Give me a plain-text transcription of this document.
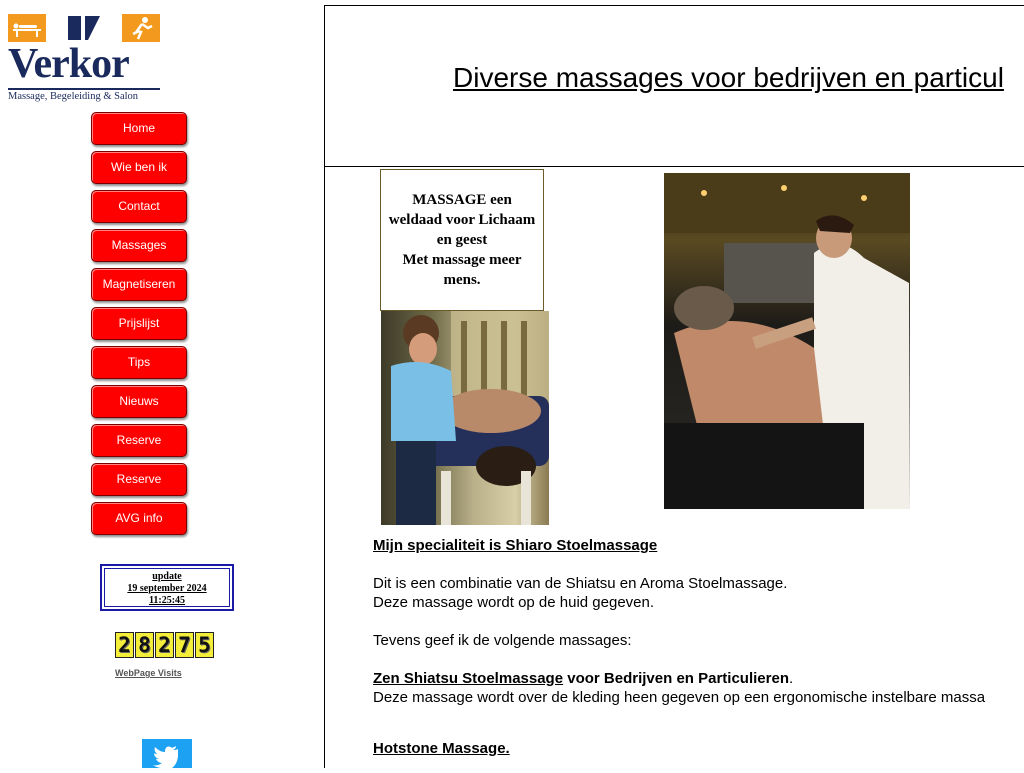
Verkor
Massage, Begeleiding & Salon
Home
Wie ben ik
Contact
Massages
Magnetiseren
Prijslijst
Tips
Nieuws
Reserve
Reserve
AVG info
update
19 september 2024
11:25:45
2 8 2 7 5
WebPage Visits
Diverse massages voor bedrijven en particul
MASSAGE een
weldaad voor Lichaam
en geest
Met massage meer
mens.

Mijn specialiteit is Shiaro Stoelmassage

Dit is een combinatie van de Shiatsu en Aroma Stoelmassage.

Deze massage wordt op de huid gegeven.

Tevens geef ik de volgende massages:

Zen Shiatsu Stoelmassage voor Bedrijven en Particulieren.

Deze massage wordt over de kleding heen gegeven op een ergonomische instelbare massa

Hotstone Massage.
